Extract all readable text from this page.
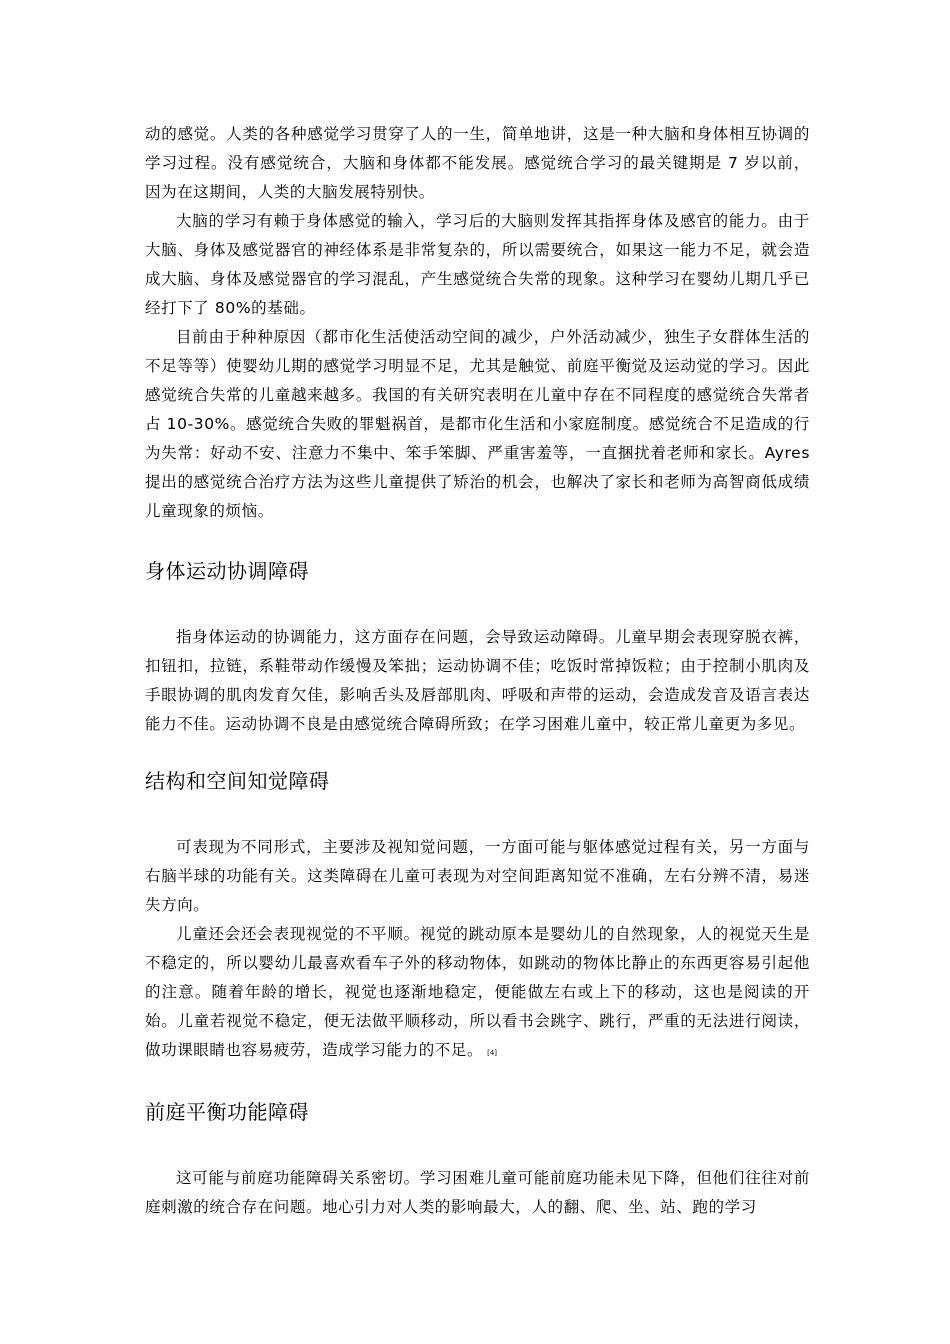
动的感觉。人类的各种感觉学习贯穿了人的一生，简单地讲，这是一种大脑和身体相互协调的学习过程。没有感觉统合，大脑和身体都不能发展。感觉统合学习的最关键期是 7 岁以前，因为在这期间，人类的大脑发展特别快。

大脑的学习有赖于身体感觉的输入，学习后的大脑则发挥其指挥身体及感官的能力。由于大脑、身体及感觉器官的神经体系是非常复杂的，所以需要统合，如果这一能力不足，就会造成大脑、身体及感觉器官的学习混乱，产生感觉统合失常的现象。这种学习在婴幼儿期几乎已经打下了 80%的基础。

目前由于种种原因（都市化生活使活动空间的减少，户外活动减少，独生子女群体生活的不足等等）使婴幼儿期的感觉学习明显不足，尤其是触觉、前庭平衡觉及运动觉的学习。因此感觉统合失常的儿童越来越多。我国的有关研究表明在儿童中存在不同程度的感觉统合失常者占 10-30%。感觉统合失败的罪魁祸首，是都市化生活和小家庭制度。感觉统合不足造成的行为失常：好动不安、注意力不集中、笨手笨脚、严重害羞等，一直捆扰着老师和家长。Ayres 提出的感觉统合治疗方法为这些儿童提供了矫治的机会，也解决了家长和老师为高智商低成绩儿童现象的烦恼。

身体运动协调障碍

指身体运动的协调能力，这方面存在问题，会导致运动障碍。儿童早期会表现穿脱衣裤，扣钮扣，拉链，系鞋带动作缓慢及笨拙；运动协调不佳；吃饭时常掉饭粒；由于控制小肌肉及手眼协调的肌肉发育欠佳，影响舌头及唇部肌肉、呼吸和声带的运动，会造成发音及语言表达能力不佳。运动协调不良是由感觉统合障碍所致；在学习困难儿童中，较正常儿童更为多见。

结构和空间知觉障碍

可表现为不同形式，主要涉及视知觉问题，一方面可能与躯体感觉过程有关，另一方面与右脑半球的功能有关。这类障碍在儿童可表现为对空间距离知觉不准确，左右分辨不清，易迷失方向。

儿童还会还会表现视觉的不平顺。视觉的跳动原本是婴幼儿的自然现象，人的视觉天生是不稳定的，所以婴幼儿最喜欢看车子外的移动物体，如跳动的物体比静止的东西更容易引起他的注意。随着年龄的增长，视觉也逐渐地稳定，便能做左右或上下的移动，这也是阅读的开始。儿童若视觉不稳定，便无法做平顺移动，所以看书会跳字、跳行，严重的无法进行阅读，做功课眼睛也容易疲劳，造成学习能力的不足。 [4]

前庭平衡功能障碍

这可能与前庭功能障碍关系密切。学习困难儿童可能前庭功能未见下降，但他们往往对前庭刺激的统合存在问题。地心引力对人类的影响最大，人的翻、爬、坐、站、跑的学习
